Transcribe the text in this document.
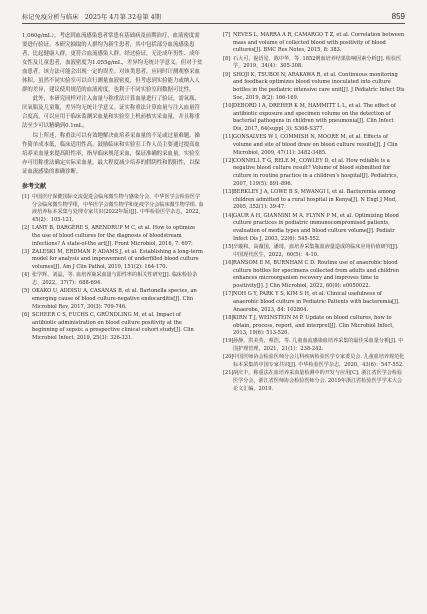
标记免疫分析与临床　2025年 4月第 32卷第 4期	859

1,060g/mL），考虑到血流感染患者常患有基础病及前期治疗，血液密度需要进行验证。本研究抽取的人群均为新生患者，其中包括部分血流感染患者，比起健康人群，更符合血流感染人群。经过验证，无论成年男性、成年女性及儿童患者，血液密度为1.055g/mL，差异均无统计学意义。但对于贫血患者，该方法可能会出现一定的误差。对该类患者，应同时计测观察采血体积。虽然不同实验室可以自行测量血液密度，但考虑到实验能力或纳入人群的差异，建议使用规范的血液密度，也利于不同实验室间数据可比性。

此外，本研究同样对注入血量与称重法计算血量进行了验证，需氧瓶、厌氧瓶及儿童瓶，差异均无统计学意义。证实称重法计算血量与注入血量符合度高，可以应用于临床监测采血量和实验室上机前核实采血量，并且称重法至少可以精确到0.1mL。

综上所述，称重法可以有效地解决血培养采血量的不足或过量难题，操作简单成本低，临床适用性高。鼓励临床和实验室工作人员主要通过提高血培养采血量来提高阳性率，指导临床规范采血，保证准确的采血量。实验室亦可用称重法确定实际采血量，最大程度减少培养的假阴性和假阳性，以保证血流感染的准确诊断。

参考文献
[1] 中国医疗保健国际交流促进会临床微生物与感染分会，中华医学会检验医学分会临床微生物学组，中华医学会微生物学和免疫学分会临床微生物学组. 血液培养标本采集与处理专家共识(2022年版)[J]. 中华检验医学杂志，2022，45(2)：105-121.
[2] LAMY B, DARGÈRE S, ARENDRUP M C, et al. How to optimize the use of blood cultures for the diagnosis of bloodstream infections? A state-of-the art[J]. Front Microbiol, 2016, 7: 697.
[3] ZALESKI M, ERDMAN P, ADAMS J, et al. Establishing a long-term model for analysis and improvement of underfilled blood culture volumes[J]. Am J Clin Pathol, 2019, 151(2): 164-170.
[4] 张学辉，刘晶，等. 血培养瓶采血量与阳性率的相关性研究[J]. 临床检验杂志，2022，37(7)：688-694.
[5] OKAKO U, ADDISU A, CASANAS B, et al. Bartonella species, an emerging cause of blood culture-negative endocarditis[J]. Clin Microbiol Rev, 2017, 30(3): 709-746.
[6] SCHEER C S, FUCHS C, GRÜNDLING M, et al. Impact of antibiotic administration on blood culture positivity at the beginning of sepsis: a prospective clinical cohort study[J]. Clin Microbiol Infect, 2019, 25(3): 326-331.
[7] NEVES L, MARRA A R, CAMARGO T Z, et al. Correlation between mass and volume of collected blood with positivity of blood cultures[J]. BMC Res Notes, 2015, 8: 383.
[8] 石大可，倪语星，陈中华，等. 1852例血培养结果影响因素分析[J]. 检验医学，2019，34(4)：305-308.
[9] SHOJI K, TSUBOI N, ARAKAWA R, et al. Continuous monitoring and feedback optimizes blood volume inoculated into culture bottles in the pediatric intensive care unit[J]. J Pediatric Infect Dis Soc, 2019, 8(2): 166-169.
[10] DEBORD I A, DREHER K M, HAMMITT L L, et al. The effect of antibiotic exposure and specimen volume on the detection of bacterial pathogens in children with pneumonia[J]. Clin Infect Dis, 2017, 64(suppl_3): S368-S377.
[11] GONSALVES W I, COMMISH N, MOORE M, et al. Effects of volume and site of blood draw on blood culture results[J]. J Clin Microbiol, 2009, 47(11): 3482-3485.
[12] CONNELL T G, RELE M, COWLEY D, et al. How reliable is a negative blood culture result? Volume of blood submitted for culture in routine practice in a children's hospital[J]. Pediatrics, 2007, 119(5): 891-896.
[13] BERKLEY J A, LOWE B S, MWANGI I, et al. Bacteremia among children admitted to a rural hospital in Kenya[J]. N Engl J Med, 2005, 352(1): 39-47.
[14] GAUR A H, GIANNINI M A, FLYNN P M, et al. Optimizing blood culture practices in pediatric immunocompromised patients, evaluation of media types and blood culture volume[J]. Pediatr Infect Dis J, 2003, 22(6): 545-552.
[15] 辛璇和，高薇国，潘琦，血培养采集瓶血液量造成的临床应用价值研究[J]. 中国现代医生，2022，60(5)：4-10.
[16] RANSOM E M, BURNHAM C D. Routine use of anaerobic blood culture bottles for specimens collected from adults and children enhances microorganism recovery and improves time to positivity[J]. J Clin Microbiol, 2022, 60(9): e0050022.
[17] NOH G Y, PARK Y S, KIM S H, et al. Clinical usefulness of anaerobic blood culture in Pediatric Patients with bacteremia[J]. Anaerobe, 2023, 84: 102804.
[18] KIRN T J, WEINSTEIN M P. Update on blood cultures, how to obtain, process, report, and interpret[J]. Clin Microbiol Infect, 2013, 19(6): 513-520.
[19] 孙静，洪美英，蔡浩，等. 儿童血流感染血培养采集的最佳采血量分析[J]. 中国护理管理，2021，21(1)：238-242.
[20] 中国医师协会检验医师分会儿科疾病检验医学专家委员会. 儿童血培养规范化标本采集的中国专家共识[J]. 中华检验医学杂志，2020，43(6)：547-552.
[21] 胡庆丰，称重法在血培养采血量检测中的开发与应用[C]. 浙江省医学会检验医学分会，浙江省医师协会检验医师分会. 2019年浙江省检验医学学术大会论文汇编，2019.
